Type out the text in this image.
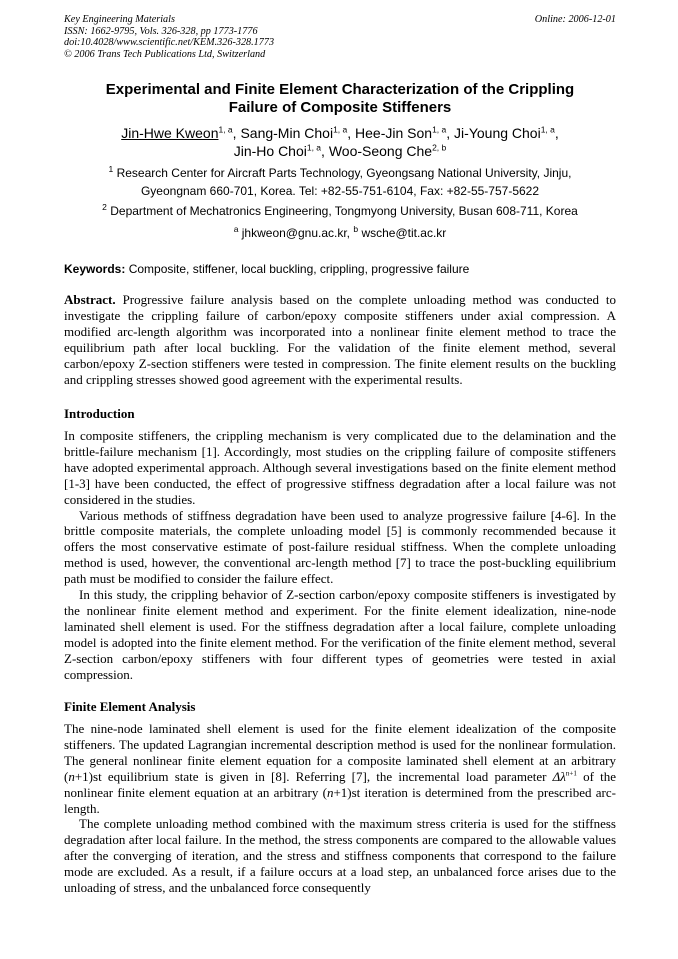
Key Engineering Materials
ISSN: 1662-9795, Vols. 326-328, pp 1773-1776
doi:10.4028/www.scientific.net/KEM.326-328.1773
© 2006 Trans Tech Publications Ltd, Switzerland
Online: 2006-12-01
Experimental and Finite Element Characterization of the Crippling
Failure of Composite Stiffeners
Jin-Hwe Kweon$^{1, a}$, Sang-Min Choi$^{1, a}$, Hee-Jin Son$^{1, a}$, Ji-Young Choi$^{1, a}$,
Jin-Ho Choi$^{1, a}$, Woo-Seong Che$^{2, b}$
$^1$ Research Center for Aircraft Parts Technology, Gyeongsang National University, Jinju,
Gyeongnam 660-701, Korea. Tel: +82-55-751-6104, Fax: +82-55-757-5622
$^2$ Department of Mechatronics Engineering, Tongmyong University, Busan 608-711, Korea
$^a$ jhkweon@gnu.ac.kr, $^b$ wsche@tit.ac.kr
Keywords: Composite, stiffener, local buckling, crippling, progressive failure

Abstract. Progressive failure analysis based on the complete unloading method was conducted to investigate the crippling failure of carbon/epoxy composite stiffeners under axial compression. A modified arc-length algorithm was incorporated into a nonlinear finite element method to trace the equilibrium path after local buckling. For the validation of the finite element method, several carbon/epoxy Z-section stiffeners were tested in compression. The finite element results on the buckling and crippling stresses showed good agreement with the experimental results.

Introduction

In composite stiffeners, the crippling mechanism is very complicated due to the delamination and the brittle-failure mechanism [1]. Accordingly, most studies on the crippling failure of composite stiffeners have adopted experimental approach. Although several investigations based on the finite element method [1-3] have been conducted, the effect of progressive stiffness degradation after a local failure was not considered in the studies.

Various methods of stiffness degradation have been used to analyze progressive failure [4-6]. In the brittle composite materials, the complete unloading model [5] is commonly recommended because it offers the most conservative estimate of post-failure residual stiffness. When the complete unloading method is used, however, the conventional arc-length method [7] to trace the post-buckling equilibrium path must be modified to consider the failure effect.

In this study, the crippling behavior of Z-section carbon/epoxy composite stiffeners is investigated by the nonlinear finite element method and experiment. For the finite element idealization, nine-node laminated shell element is used. For the stiffness degradation after a local failure, complete unloading model is adopted into the finite element method. For the verification of the finite element method, several Z-section carbon/epoxy stiffeners with four different types of geometries were tested in axial compression.

Finite Element Analysis

The nine-node laminated shell element is used for the finite element idealization of the composite stiffeners. The updated Lagrangian incremental description method is used for the nonlinear formulation. The general nonlinear finite element equation for a composite laminated shell element at an arbitrary (n+1)st equilibrium state is given in [8]. Referring [7], the incremental load parameter $\Delta\lambda^{n+1}$ of the nonlinear finite element equation at an arbitrary (n+1)st iteration is determined from the prescribed arc-length.

The complete unloading method combined with the maximum stress criteria is used for the stiffness degradation after local failure. In the method, the stress components are compared to the allowable values after the converging of iteration, and the stress and stiffness components that correspond to the failure mode are excluded. As a result, if a failure occurs at a load step, an unbalanced force arises due to the unloading of stress, and the unbalanced force consequently
